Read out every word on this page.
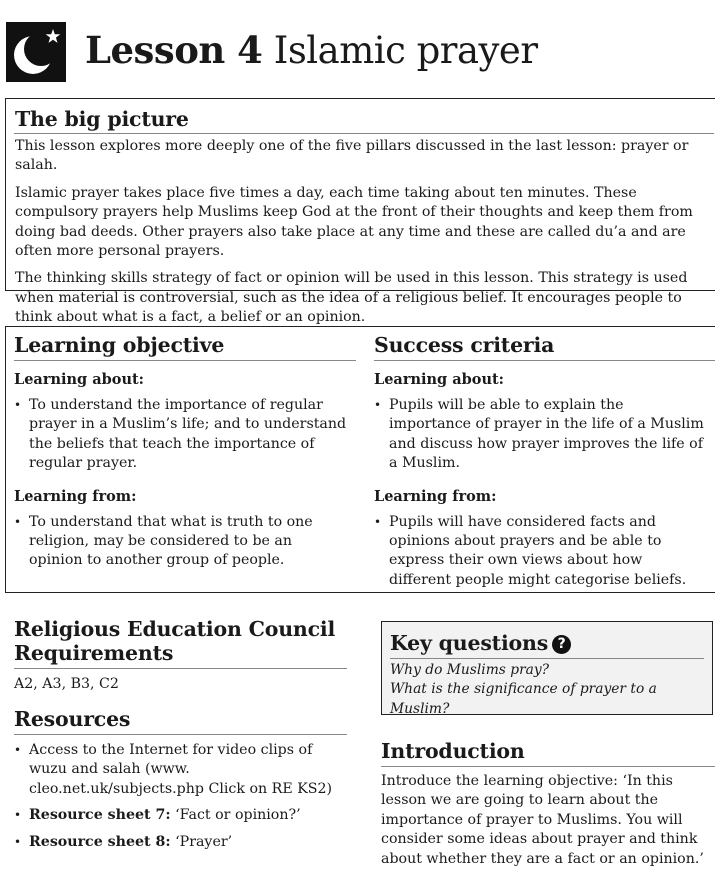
Lesson 4 Islamic prayer
The big picture

This lesson explores more deeply one of the five pillars discussed in the last lesson: prayer or salah.

Islamic prayer takes place five times a day, each time taking about ten minutes. These compulsory prayers help Muslims keep God at the front of their thoughts and keep them from doing bad deeds. Other prayers also take place at any time and these are called du’a and are often more personal prayers.

The thinking skills strategy of fact or opinion will be used in this lesson. This strategy is used when material is controversial, such as the idea of a religious belief. It encourages people to think about what is a fact, a belief or an opinion.

Learning objective
Learning about:
• To understand the importance of regular prayer in a Muslim’s life; and to understand the beliefs that teach the importance of regular prayer.
Learning from:
• To understand that what is truth to one religion, may be considered to be an opinion to another group of people.
Success criteria
Learning about:
• Pupils will be able to explain the importance of prayer in the life of a Muslim and discuss how prayer improves the life of a Muslim.
Learning from:
• Pupils will have considered facts and opinions about prayers and be able to express their own views about how different people might categorise beliefs.
Religious Education Council
Requirements
A2, A3, B3, C2
Resources
• Access to the Internet for video clips of wuzu and salah (www. cleo.net.uk/subjects.php Click on RE KS2)
• Resource sheet 7: ‘Fact or opinion?’
• Resource sheet 8: ‘Prayer’
Key questions ?
Why do Muslims pray?
What is the significance of prayer to a Muslim?
Introduction

Introduce the learning objective: ‘In this lesson we are going to learn about the importance of prayer to Muslims. You will consider some ideas about prayer and think about whether they are a fact or an opinion.’
